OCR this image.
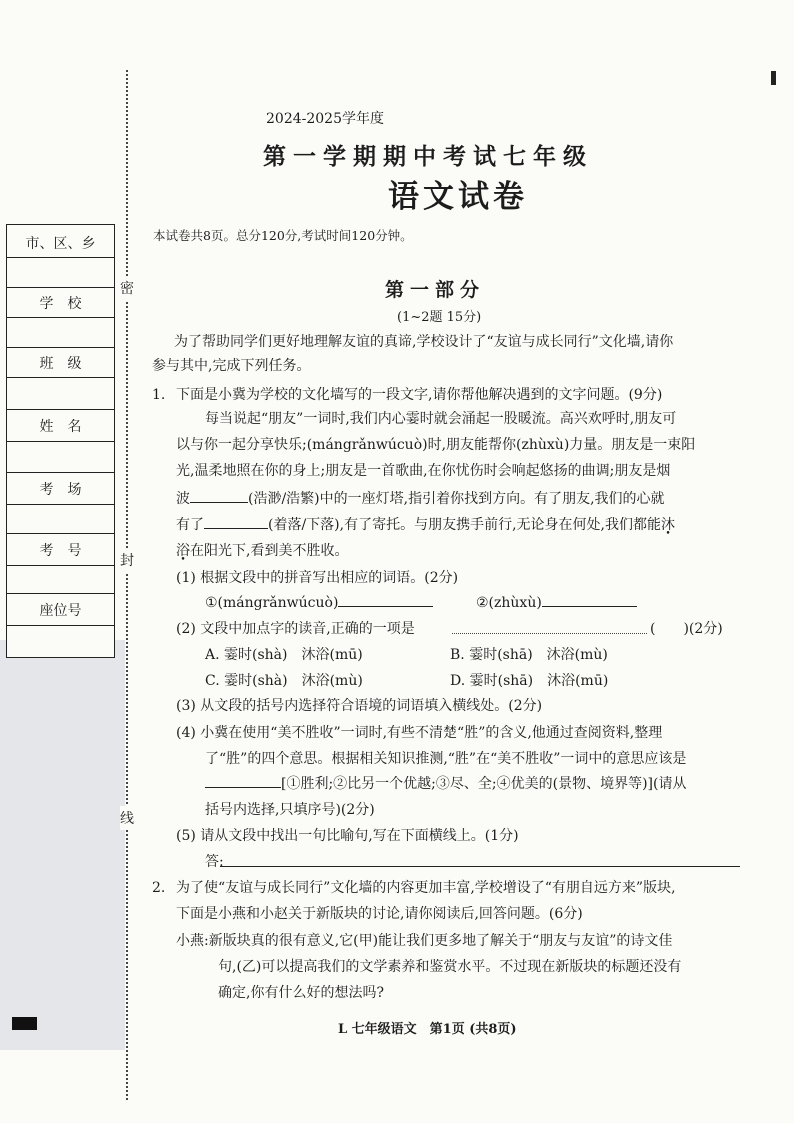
市、区、乡
学　校
班　级
姓　名
考　场
考　号
座位号
密
封
线
2024-2025学年度
第一学期期中考试七年级
语文试卷
本试卷共8页。总分120分,考试时间120分钟。
第一部分
(1~2题 15分)
为了帮助同学们更好地理解友谊的真谛,学校设计了“友谊与成长同行”文化墙,请你
参与其中,完成下列任务。
1. 下面是小冀为学校的文化墙写的一段文字,请你帮他解决遇到的文字问题。(9分)
每当说起“朋友”一词时,我们内心霎时就会涌起一股暖流。高兴欢呼时,朋友可
以与你一起分享快乐;(mángrǎnwúcuò)时,朋友能帮你(zhùxù)力量。朋友是一束阳
光,温柔地照在你的身上;朋友是一首歌曲,在你忧伤时会响起悠扬的曲调;朋友是烟
波	(浩渺/浩繁)中的一座灯塔,指引着你找到方向。有了朋友,我们的心就
有了	(着落/下落),有了寄托。与朋友携手前行,无论身在何处,我们都能沐
浴在阳光下,看到美不胜收。
(1) 根据文段中的拼音写出相应的词语。(2分)
①(mángrǎnwúcuò)	②(zhùxù)
(2) 文段中加点字的读音,正确的一项是	(　　)(2分)
A. 霎时(shà)　沐浴(mū)	B. 霎时(shā)　沐浴(mù)
C. 霎时(shà)　沐浴(mù)	D. 霎时(shā)　沐浴(mū)
(3) 从文段的括号内选择符合语境的词语填入横线处。(2分)
(4) 小冀在使用“美不胜收”一词时,有些不清楚“胜”的含义,他通过查阅资料,整理
了“胜”的四个意思。根据相关知识推测,“胜”在“美不胜收”一词中的意思应该是
[①胜利;②比另一个优越;③尽、全;④优美的(景物、境界等)](请从
括号内选择,只填序号)(2分)
(5) 请从文段中找出一句比喻句,写在下面横线上。(1分)
答:
2. 为了使“友谊与成长同行”文化墙的内容更加丰富,学校增设了“有朋自远方来”版块,
下面是小燕和小赵关于新版块的讨论,请你阅读后,回答问题。(6分)
小燕:新版块真的很有意义,它(甲)能让我们更多地了解关于“朋友与友谊”的诗文佳
句,(乙)可以提高我们的文学素养和鉴赏水平。不过现在新版块的标题还没有
确定,你有什么好的想法吗?
L 七年级语文　第1页 (共8页)
